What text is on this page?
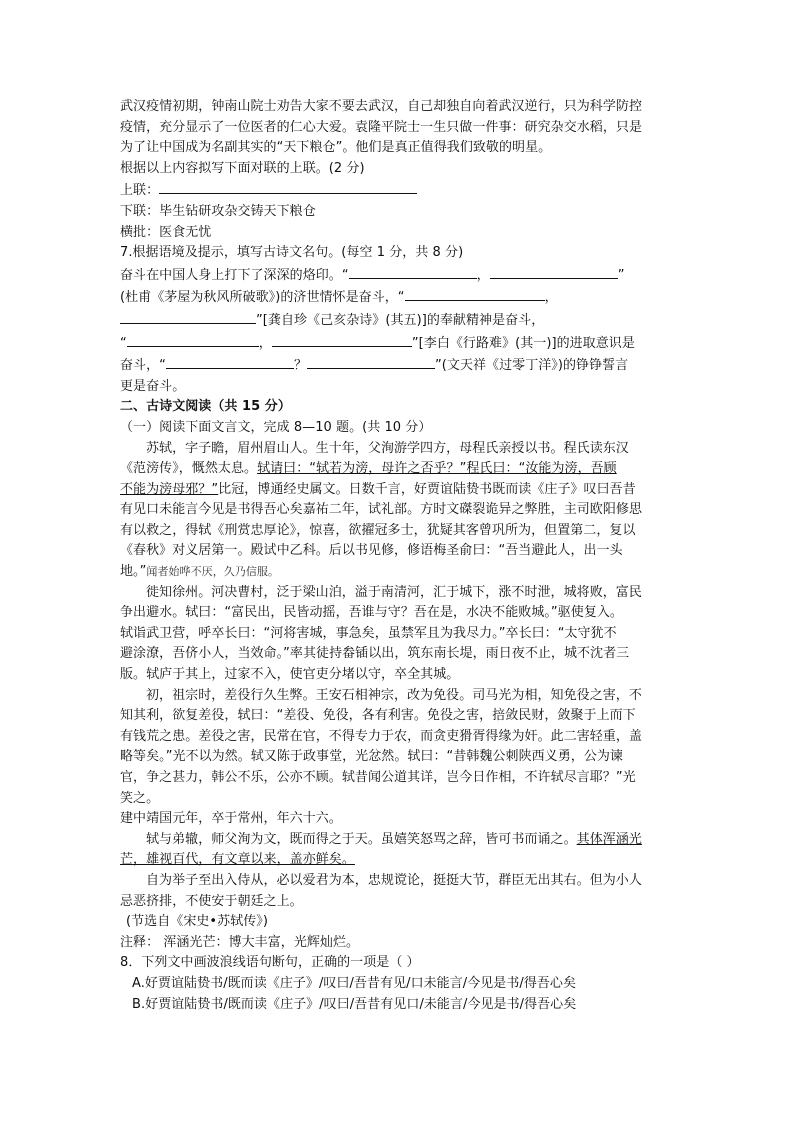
武汉疫情初期，钟南山院士劝告大家不要去武汉，自己却独自向着武汉逆行，只为科学防控
疫情，充分显示了一位医者的仁心大爱。袁隆平院士一生只做一件事：研究杂交水稻，只是
为了让中国成为名副其实的“天下粮仓”。他们是真正值得我们致敬的明星。
根据以上内容拟写下面对联的上联。(2 分)
上联：
下联：毕生钻研攻杂交铸天下粮仓
横批：医食无忧
7.根据语境及提示，填写古诗文名句。(每空 1 分，共 8 分)
奋斗在中国人身上打下了深深的烙印。“	，	”
(杜甫《茅屋为秋风所破歌》)的济世情怀是奋斗，“	，
”[龚自珍《己亥杂诗》(其五)]的奉献精神是奋斗，
“	，	”[李白《行路难》(其一)]的进取意识是
奋斗，“	？	”(文天祥《过零丁洋》)的铮铮誓言
更是奋斗。
二、古诗文阅读（共 15 分）
（一）阅读下面文言文，完成 8—10 题。(共 10 分）
苏轼，字子瞻，眉州眉山人。生十年，父洵游学四方，母程氏亲授以书。程氏读东汉
《范滂传》，慨然太息。轼请曰：“轼若为滂，母许之否乎？”程氏曰：“汝能为滂，吾顾
不能为滂母邪？”比冠，博通经史属文。日数千言，好贾谊陆贽书既而读《庄子》叹曰吾昔
有见口未能言今见是书得吾心矣嘉祐二年，试礼部。方时文磔裂诡异之弊胜，主司欧阳修思
有以救之，得轼《刑赏忠厚论》，惊喜，欲擢冠多士，犹疑其客曾巩所为，但置第二，复以
《春秋》对义居第一。殿试中乙科。后以书见修，修语梅圣俞曰：“吾当避此人，出一头
地。”闻者始哗不厌，久乃信服。
徙知徐州。河决曹村，泛于梁山泊，溢于南清河，汇于城下，涨不时泄，城将败，富民
争出避水。轼曰：“富民出，民皆动摇，吾谁与守？吾在是，水决不能败城。”驱使复入。
轼诣武卫营，呼卒长曰：“河将害城，事急矣，虽禁军且为我尽力。”卒长曰：“太守犹不
避涂潦，吾侪小人，当效命。”率其徒持畚锸以出，筑东南长堤，雨日夜不止，城不沈者三
版。轼庐于其上，过家不入，使官吏分堵以守，卒全其城。
初，祖宗时，差役行久生弊。王安石相神宗，改为免役。司马光为相，知免役之害，不
知其利，欲复差役，轼曰：“差役、免役，各有利害。免役之害，掊敛民财，敛聚于上而下
有钱荒之患。差役之害，民常在官，不得专力于农，而贪吏猾胥得缘为奸。此二害轻重，盖
略等矣。”光不以为然。轼又陈于政事堂，光忿然。轼曰：“昔韩魏公刺陕西义勇，公为谏
官，争之甚力，韩公不乐，公亦不顾。轼昔闻公道其详，岂今日作相，不许轼尽言耶？”光
笑之。
建中靖国元年，卒于常州，年六十六。
轼与弟辙，师父洵为文，既而得之于天。虽嬉笑怒骂之辞，皆可书而诵之。其体浑涵光
芒，雄视百代，有文章以来，盖亦鲜矣。
自为举子至出入侍从，必以爱君为本，忠规谠论，挺挺大节，群臣无出其右。但为小人
忌恶挤排，不使安于朝廷之上。
(节选自《宋史•苏轼传》)
注释： 浑涵光芒：博大丰富，光辉灿烂。
8．下列文中画波浪线语句断句，正确的一项是（ ）
A.好贾谊陆贽书/既而读《庄子》/叹曰/吾昔有见/口未能言/今见是书/得吾心矣
B.好贾谊陆贽书/既而读《庄子》/叹曰/吾昔有见口/未能言/今见是书/得吾心矣
